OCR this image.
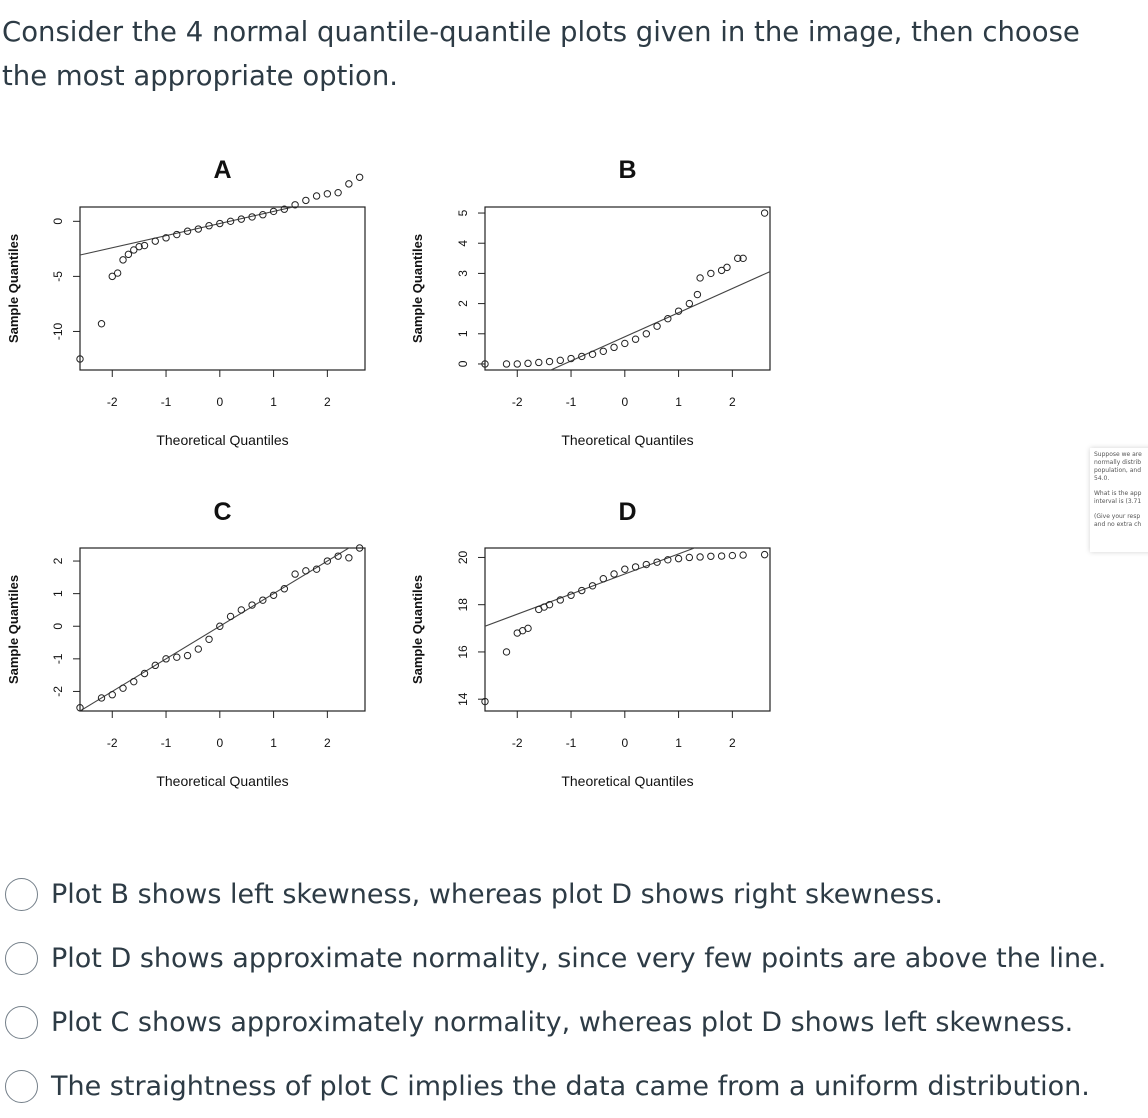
Consider the 4 normal quantile-quantile plots given in the image, then choose the most appropriate option.
-2	-1	0	1	2
-10
-5
0
A
Theoretical Quantiles
Sample Quantiles
-2	-1	0	1	2
0
1
2
3
4
5
B
Theoretical Quantiles
Sample Quantiles
-2	-1	0	1	2
-2
-1
0
1
2
C
Theoretical Quantiles
Sample Quantiles
-2	-1	0	1	2
14
16
18
20
D
Theoretical Quantiles
Sample Quantiles

Suppose we are
normally distrib
population, and
54.0.

What is the app
interval is (3.71

(Give your resp
and no extra ch

Plot B shows left skewness, whereas plot D shows right skewness.
Plot D shows approximate normality, since very few points are above the line.
Plot C shows approximately normality, whereas plot D shows left skewness.
The straightness of plot C implies the data came from a uniform distribution.
